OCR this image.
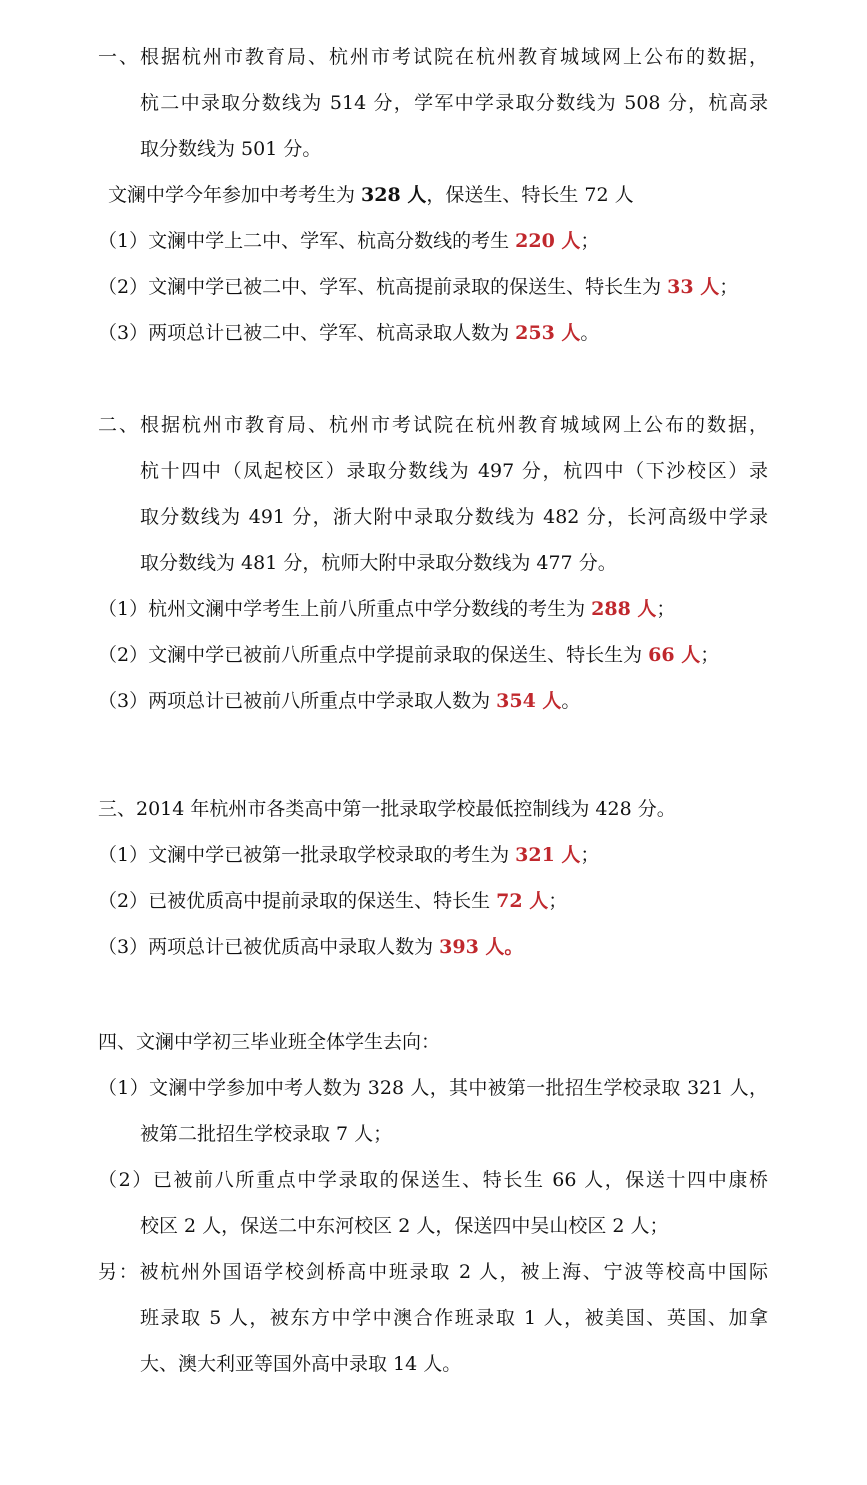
一、根据杭州市教育局、杭州市考试院在杭州教育城域网上公布的数据，
杭二中录取分数线为 514 分，学军中学录取分数线为 508 分，杭高录
取分数线为 501 分。
文澜中学今年参加中考考生为 328 人，保送生、特长生 72 人
（1）文澜中学上二中、学军、杭高分数线的考生 220 人；
（2）文澜中学已被二中、学军、杭高提前录取的保送生、特长生为 33 人；
（3）两项总计已被二中、学军、杭高录取人数为 253 人。
二、根据杭州市教育局、杭州市考试院在杭州教育城域网上公布的数据，
杭十四中（凤起校区）录取分数线为 497 分，杭四中（下沙校区）录
取分数线为 491 分，浙大附中录取分数线为 482 分，长河高级中学录
取分数线为 481 分，杭师大附中录取分数线为 477 分。
（1）杭州文澜中学考生上前八所重点中学分数线的考生为 288 人；
（2）文澜中学已被前八所重点中学提前录取的保送生、特长生为 66 人；
（3）两项总计已被前八所重点中学录取人数为 354 人。
三、2014 年杭州市各类高中第一批录取学校最低控制线为 428 分。
（1）文澜中学已被第一批录取学校录取的考生为 321 人；
（2）已被优质高中提前录取的保送生、特长生 72 人；
（3）两项总计已被优质高中录取人数为 393 人。
四、文澜中学初三毕业班全体学生去向：
（1）文澜中学参加中考人数为 328 人，其中被第一批招生学校录取 321 人，
被第二批招生学校录取 7 人；
（2）已被前八所重点中学录取的保送生、特长生 66 人，保送十四中康桥
校区 2 人，保送二中东河校区 2 人，保送四中吴山校区 2 人；
另：被杭州外国语学校剑桥高中班录取 2 人，被上海、宁波等校高中国际
班录取 5 人，被东方中学中澳合作班录取 1 人，被美国、英国、加拿
大、澳大利亚等国外高中录取 14 人。
